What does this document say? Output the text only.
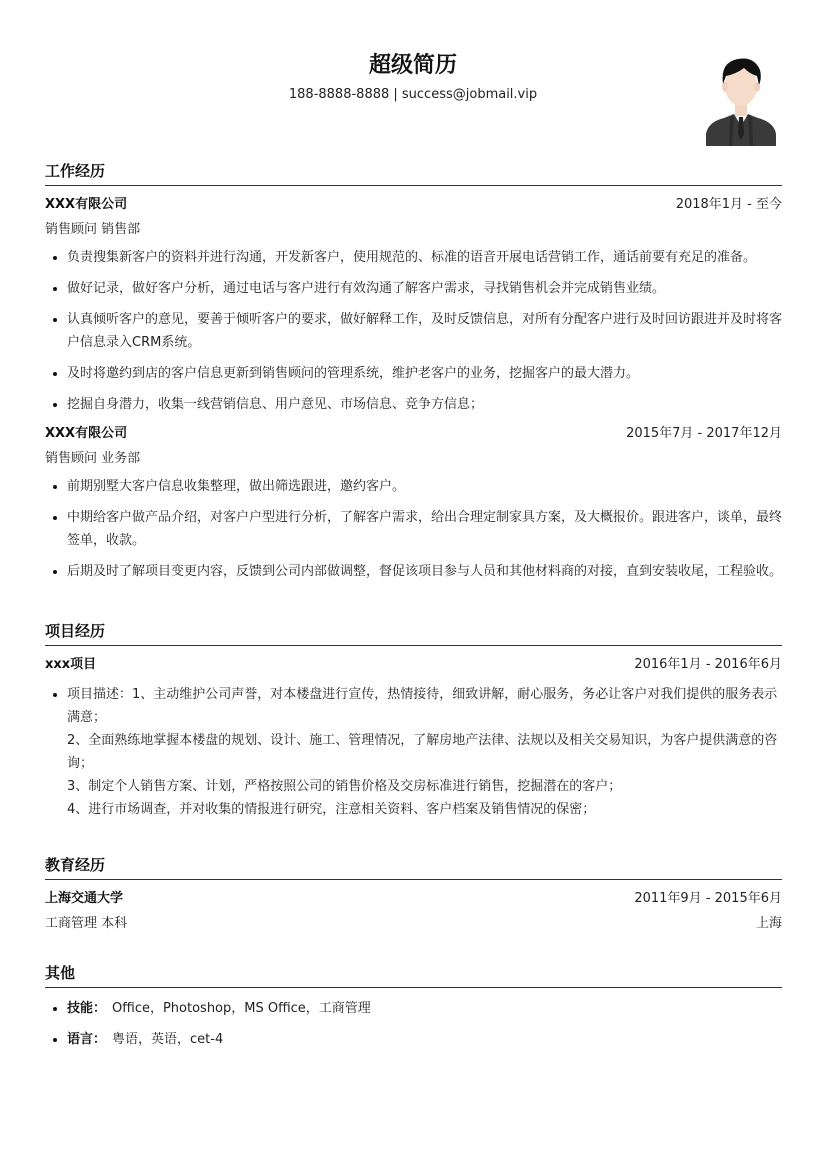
超级简历
188-8888-8888 | success@jobmail.vip
工作经历
XXX有限公司	2018年1月 - 至今
销售顾问 销售部
• 负责搜集新客户的资料并进行沟通，开发新客户，使用规范的、标准的语音开展电话营销工作，通话前要有充足的准备。
• 做好记录，做好客户分析，通过电话与客户进行有效沟通了解客户需求，寻找销售机会并完成销售业绩。
• 认真倾听客户的意见，要善于倾听客户的要求，做好解释工作，及时反馈信息，对所有分配客户进行及时回访跟进并及时将客户信息录入CRM系统。
• 及时将邀约到店的客户信息更新到销售顾问的管理系统，维护老客户的业务，挖掘客户的最大潜力。
• 挖掘自身潜力，收集一线营销信息、用户意见、市场信息、竞争方信息；
XXX有限公司	2015年7月 - 2017年12月
销售顾问 业务部
• 前期别墅大客户信息收集整理，做出筛选跟进，邀约客户。
• 中期给客户做产品介绍，对客户户型进行分析，了解客户需求，给出合理定制家具方案，及大概报价。跟进客户，谈单，最终签单，收款。
• 后期及时了解项目变更内容，反馈到公司内部做调整，督促该项目参与人员和其他材料商的对接，直到安装收尾，工程验收。
项目经历
xxx项目	2016年1月 - 2016年6月
• 项目描述：1、主动维护公司声誉，对本楼盘进行宣传，热情接待，细致讲解，耐心服务，务必让客户对我们提供的服务表示满意；
2、全面熟练地掌握本楼盘的规划、设计、施工、管理情况，了解房地产法律、法规以及相关交易知识，为客户提供满意的咨询；
3、制定个人销售方案、计划，严格按照公司的销售价格及交房标准进行销售，挖掘潜在的客户；
4、进行市场调查，并对收集的情报进行研究，注意相关资料、客户档案及销售情况的保密；
教育经历
上海交通大学	2011年9月 - 2015年6月
工商管理 本科	上海
其他
• 技能： Office，Photoshop，MS Office，工商管理
• 语言： 粤语，英语，cet-4
